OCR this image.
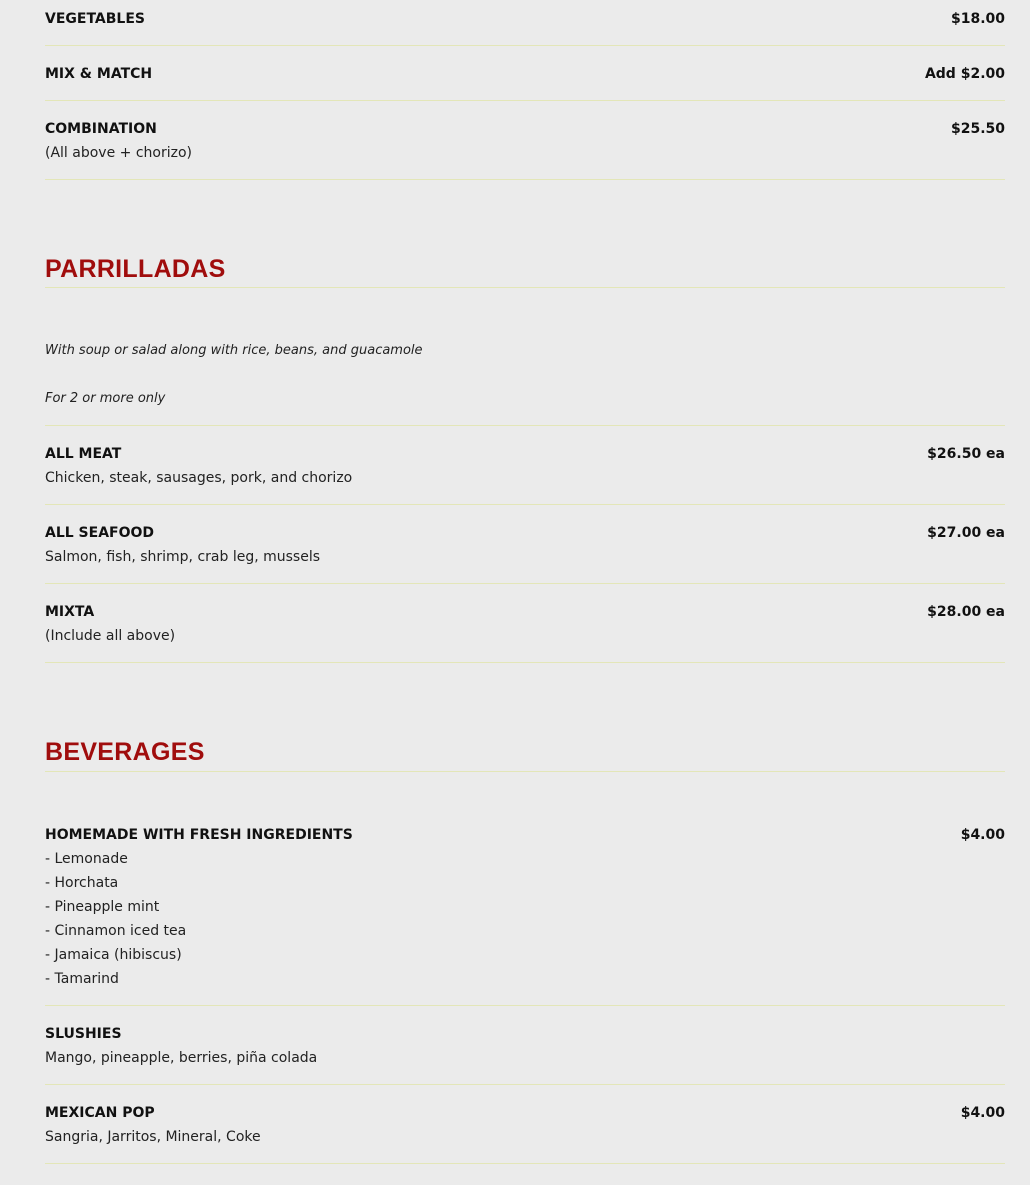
VEGETABLES	$18.00
MIX & MATCH	Add $2.00
COMBINATION	$25.50
(All above + chorizo)
PARRILLADAS
With soup or salad along with rice, beans, and guacamole
For 2 or more only
ALL MEAT	$26.50 ea
Chicken, steak, sausages, pork, and chorizo
ALL SEAFOOD	$27.00 ea
Salmon, fish, shrimp, crab leg, mussels
MIXTA	$28.00 ea
(Include all above)
BEVERAGES
HOMEMADE WITH FRESH INGREDIENTS	$4.00
- Lemonade
- Horchata
- Pineapple mint
- Cinnamon iced tea
- Jamaica (hibiscus)
- Tamarind
SLUSHIES
Mango, pineapple, berries, piña colada
MEXICAN POP	$4.00
Sangria, Jarritos, Mineral, Coke
